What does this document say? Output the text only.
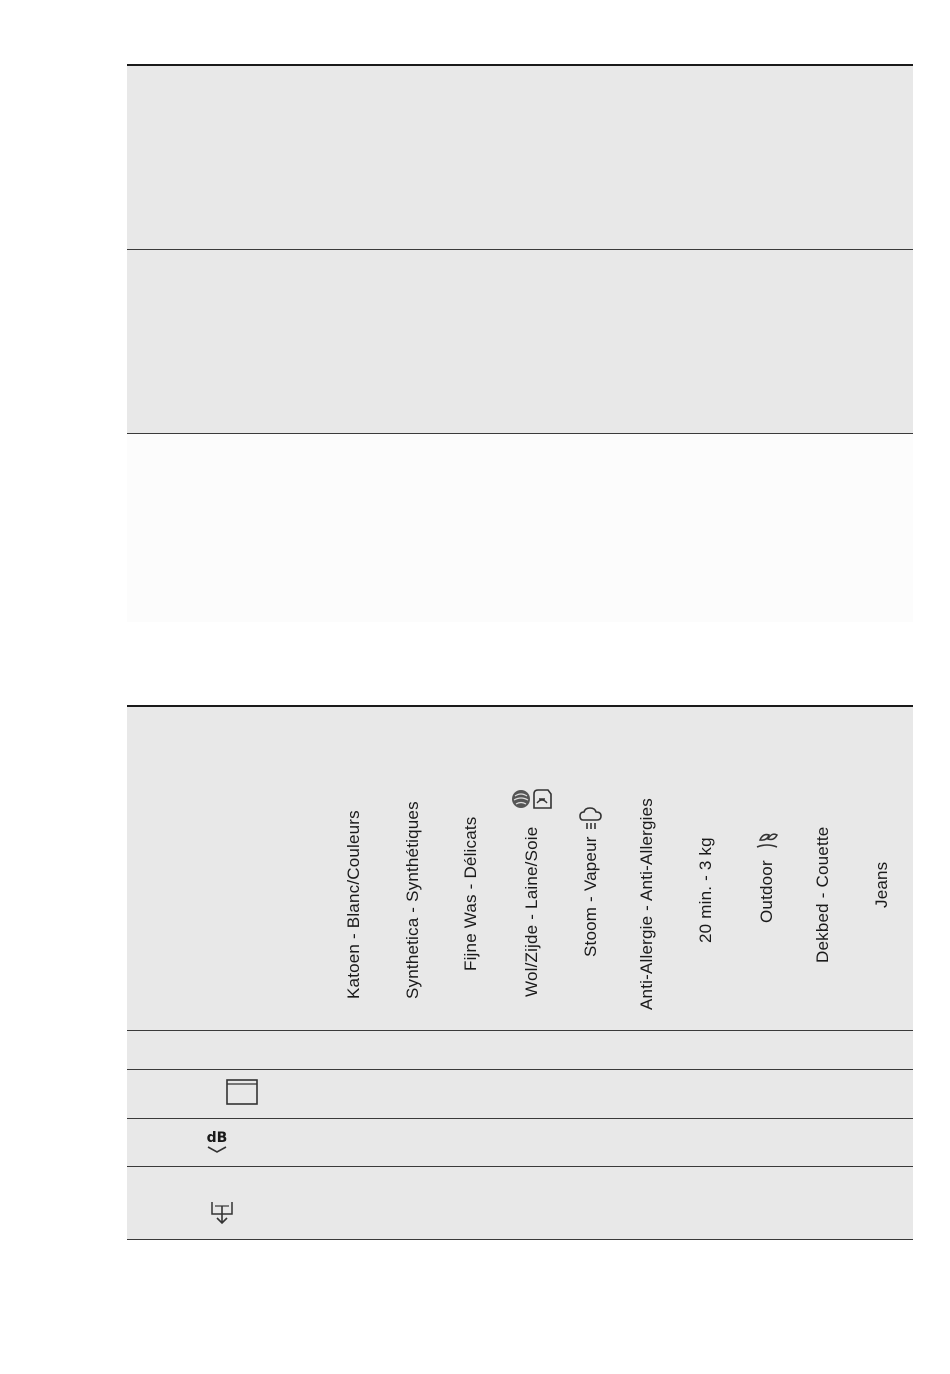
Katoen - Blanc/Couleurs Synthetica - Synthétiques Fijne Was - Délicats Wol/Zijde - Laine/Soie Stoom - Vapeur Anti-Allergie - Anti-Allergies 20 min. - 3 kg Outdoor Dekbed - Couette Jeans
dB
